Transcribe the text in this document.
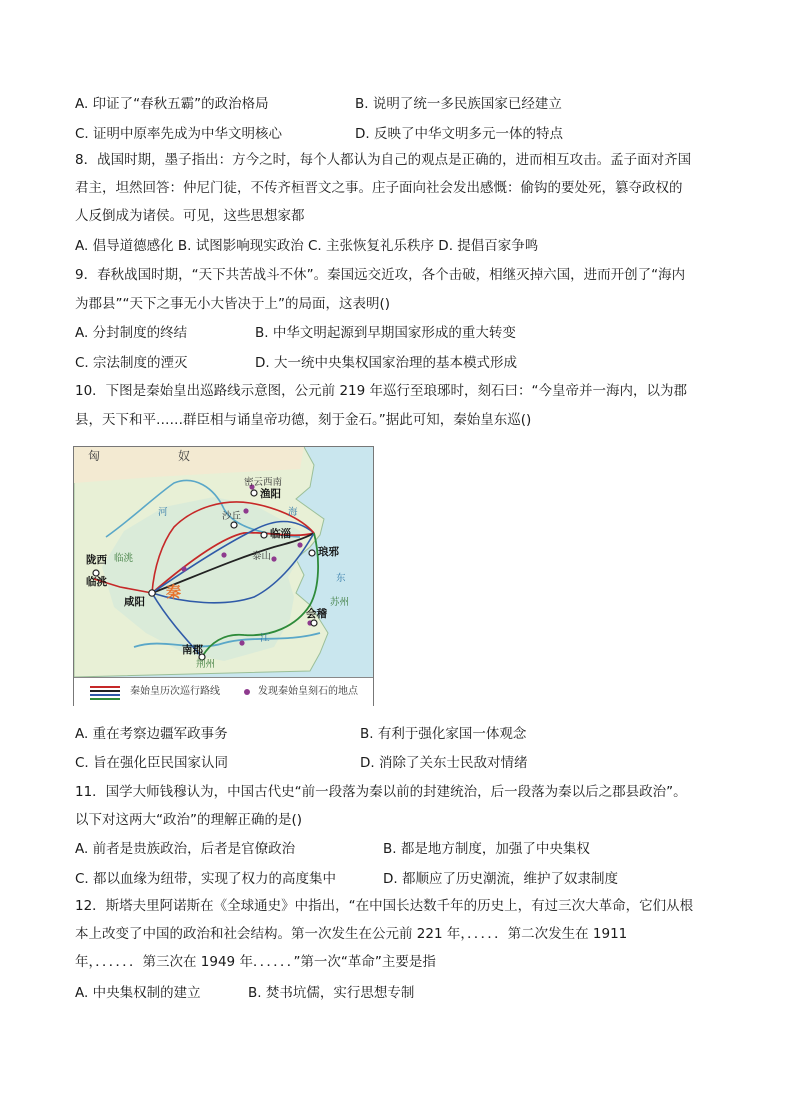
A. 印证了“春秋五霸”的政治格局	B. 说明了统一多民族国家已经建立
C. 证明中原率先成为中华文明核心	D. 反映了中华文明多元一体的特点
8．战国时期，墨子指出：方今之时，每个人都认为自己的观点是正确的，进而相互攻击。孟子面对齐国
君主，坦然回答：仲尼门徒，不传齐桓晋文之事。庄子面向社会发出感慨：偷钩的要处死，篡夺政权的
人反倒成为诸侯。可见，这些思想家都
A. 倡导道德感化 B. 试图影响现实政治 C. 主张恢复礼乐秩序 D. 提倡百家争鸣
9．春秋战国时期，“天下共苦战斗不休”。秦国远交近攻，各个击破，相继灭掉六国，进而开创了“海内
为郡县”“天下之事无小大皆决于上”的局面，这表明()
A. 分封制度的终结	B. 中华文明起源到早期国家形成的重大转变
C. 宗法制度的湮灭	D. 大一统中央集权国家治理的基本模式形成
10．下图是秦始皇出巡路线示意图，公元前 219 年巡行至琅琊时，刻石曰：“今皇帝并一海内，以为郡
县，天下和平……群臣相与诵皇帝功德，刻于金石。”据此可知，秦始皇东巡()
匈	奴
密云西南
渔阳
沙丘
临淄
泰山	琅邪
咸阳
秦
陇西 临洮
临洮
会稽
苏州
南郡
荆州
河	海
东
江
秦始皇历次巡行路线	发现秦始皇刻石的地点
A. 重在考察边疆军政事务	B. 有利于强化家国一体观念
C. 旨在强化臣民国家认同	D. 消除了关东士民敌对情绪
11．国学大师钱穆认为，中国古代史“前一段落为秦以前的封建统治，后一段落为秦以后之郡县政治”。
以下对这两大“政治”的理解正确的是()
A. 前者是贵族政治，后者是官僚政治	B. 都是地方制度，加强了中央集权
C. 都以血缘为纽带，实现了权力的高度集中	D. 都顺应了历史潮流，维护了奴隶制度
12．斯塔夫里阿诺斯在《全球通史》中指出，“在中国长达数千年的历史上，有过三次大革命，它们从根
本上改变了中国的政治和社会结构。第一次发生在公元前 221 年，．．．．．第二次发生在 1911
年，．．．．．．第三次在 1949 年．．．．．．”第一次“革命”主要是指
A. 中央集权制的建立	B. 焚书坑儒，实行思想专制
